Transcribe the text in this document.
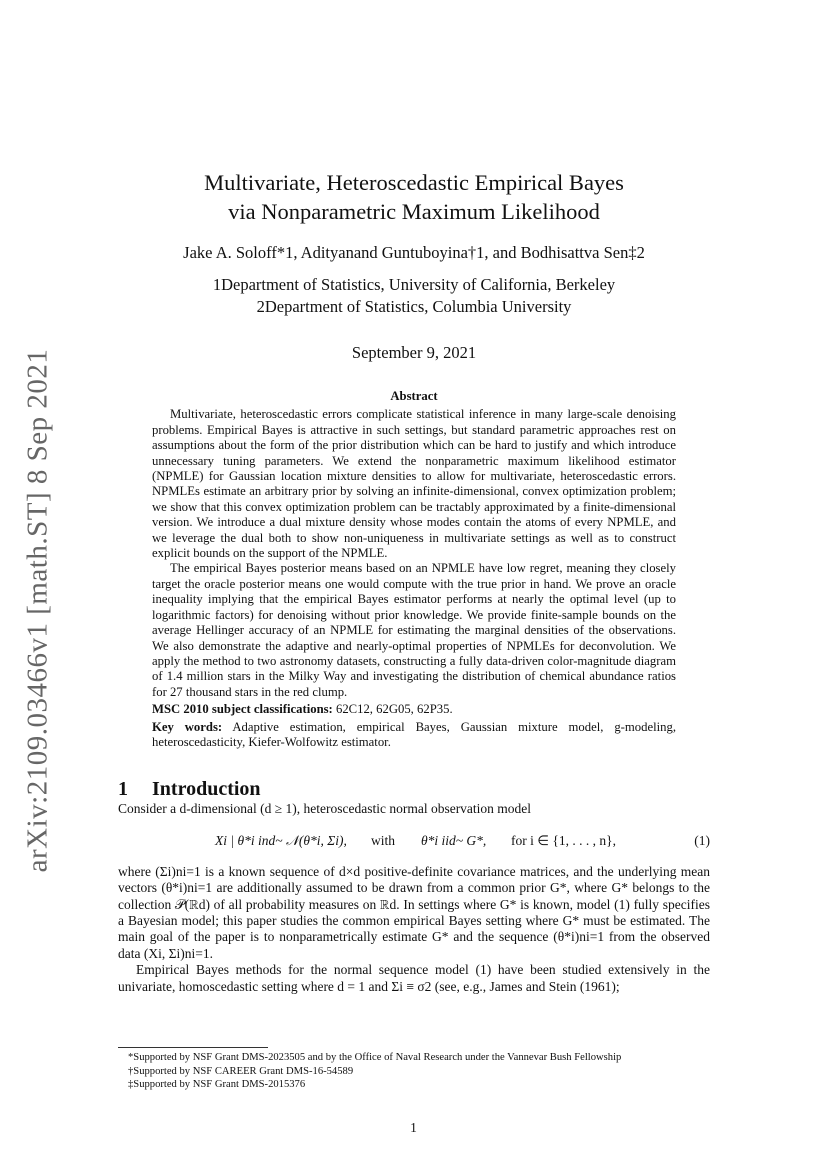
arXiv:2109.03466v1 [math.ST] 8 Sep 2021
Multivariate, Heteroscedastic Empirical Bayes
via Nonparametric Maximum Likelihood
Jake A. Soloff*1, Adityanand Guntuboyina†1, and Bodhisattva Sen‡2
1Department of Statistics, University of California, Berkeley
2Department of Statistics, Columbia University
September 9, 2021
Abstract

Multivariate, heteroscedastic errors complicate statistical inference in many large-scale denoising problems. Empirical Bayes is attractive in such settings, but standard parametric approaches rest on assumptions about the form of the prior distribution which can be hard to justify and which introduce unnecessary tuning parameters. We extend the nonparametric maximum likelihood estimator (NPMLE) for Gaussian location mixture densities to allow for multivariate, heteroscedastic errors. NPMLEs estimate an arbitrary prior by solving an infinite-dimensional, convex optimization problem; we show that this convex optimization problem can be tractably approximated by a finite-dimensional version. We introduce a dual mixture density whose modes contain the atoms of every NPMLE, and we leverage the dual both to show non-uniqueness in multivariate settings as well as to construct explicit bounds on the support of the NPMLE.

The empirical Bayes posterior means based on an NPMLE have low regret, meaning they closely target the oracle posterior means one would compute with the true prior in hand. We prove an oracle inequality implying that the empirical Bayes estimator performs at nearly the optimal level (up to logarithmic factors) for denoising without prior knowledge. We provide finite-sample bounds on the average Hellinger accuracy of an NPMLE for estimating the marginal densities of the observations. We also demonstrate the adaptive and nearly-optimal properties of NPMLEs for deconvolution. We apply the method to two astronomy datasets, constructing a fully data-driven color-magnitude diagram of 1.4 million stars in the Milky Way and investigating the distribution of chemical abundance ratios for 27 thousand stars in the red clump.

MSC 2010 subject classifications: 62C12, 62G05, 62P35.

Key words: Adaptive estimation, empirical Bayes, Gaussian mixture model, g-modeling, heteroscedasticity, Kiefer-Wolfowitz estimator.

1 Introduction

Consider a d-dimensional (d ≥ 1), heteroscedastic normal observation model

Xi | θ*i ind~ 𝒩(θ*i, Σi), with θ*i iid~ G*, for i ∈ {1, . . . , n},	(1)

where (Σi)ni=1 is a known sequence of d×d positive-definite covariance matrices, and the underlying mean vectors (θ*i)ni=1 are additionally assumed to be drawn from a common prior G*, where G* belongs to the collection 𝒫(ℝd) of all probability measures on ℝd. In settings where G* is known, model (1) fully specifies a Bayesian model; this paper studies the common empirical Bayes setting where G* must be estimated. The main goal of the paper is to nonparametrically estimate G* and the sequence (θ*i)ni=1 from the observed data (Xi, Σi)ni=1.

Empirical Bayes methods for the normal sequence model (1) have been studied extensively in the univariate, homoscedastic setting where d = 1 and Σi ≡ σ2 (see, e.g., James and Stein (1961);

*Supported by NSF Grant DMS-2023505 and by the Office of Naval Research under the Vannevar Bush Fellowship

†Supported by NSF CAREER Grant DMS-16-54589

‡Supported by NSF Grant DMS-2015376

1
